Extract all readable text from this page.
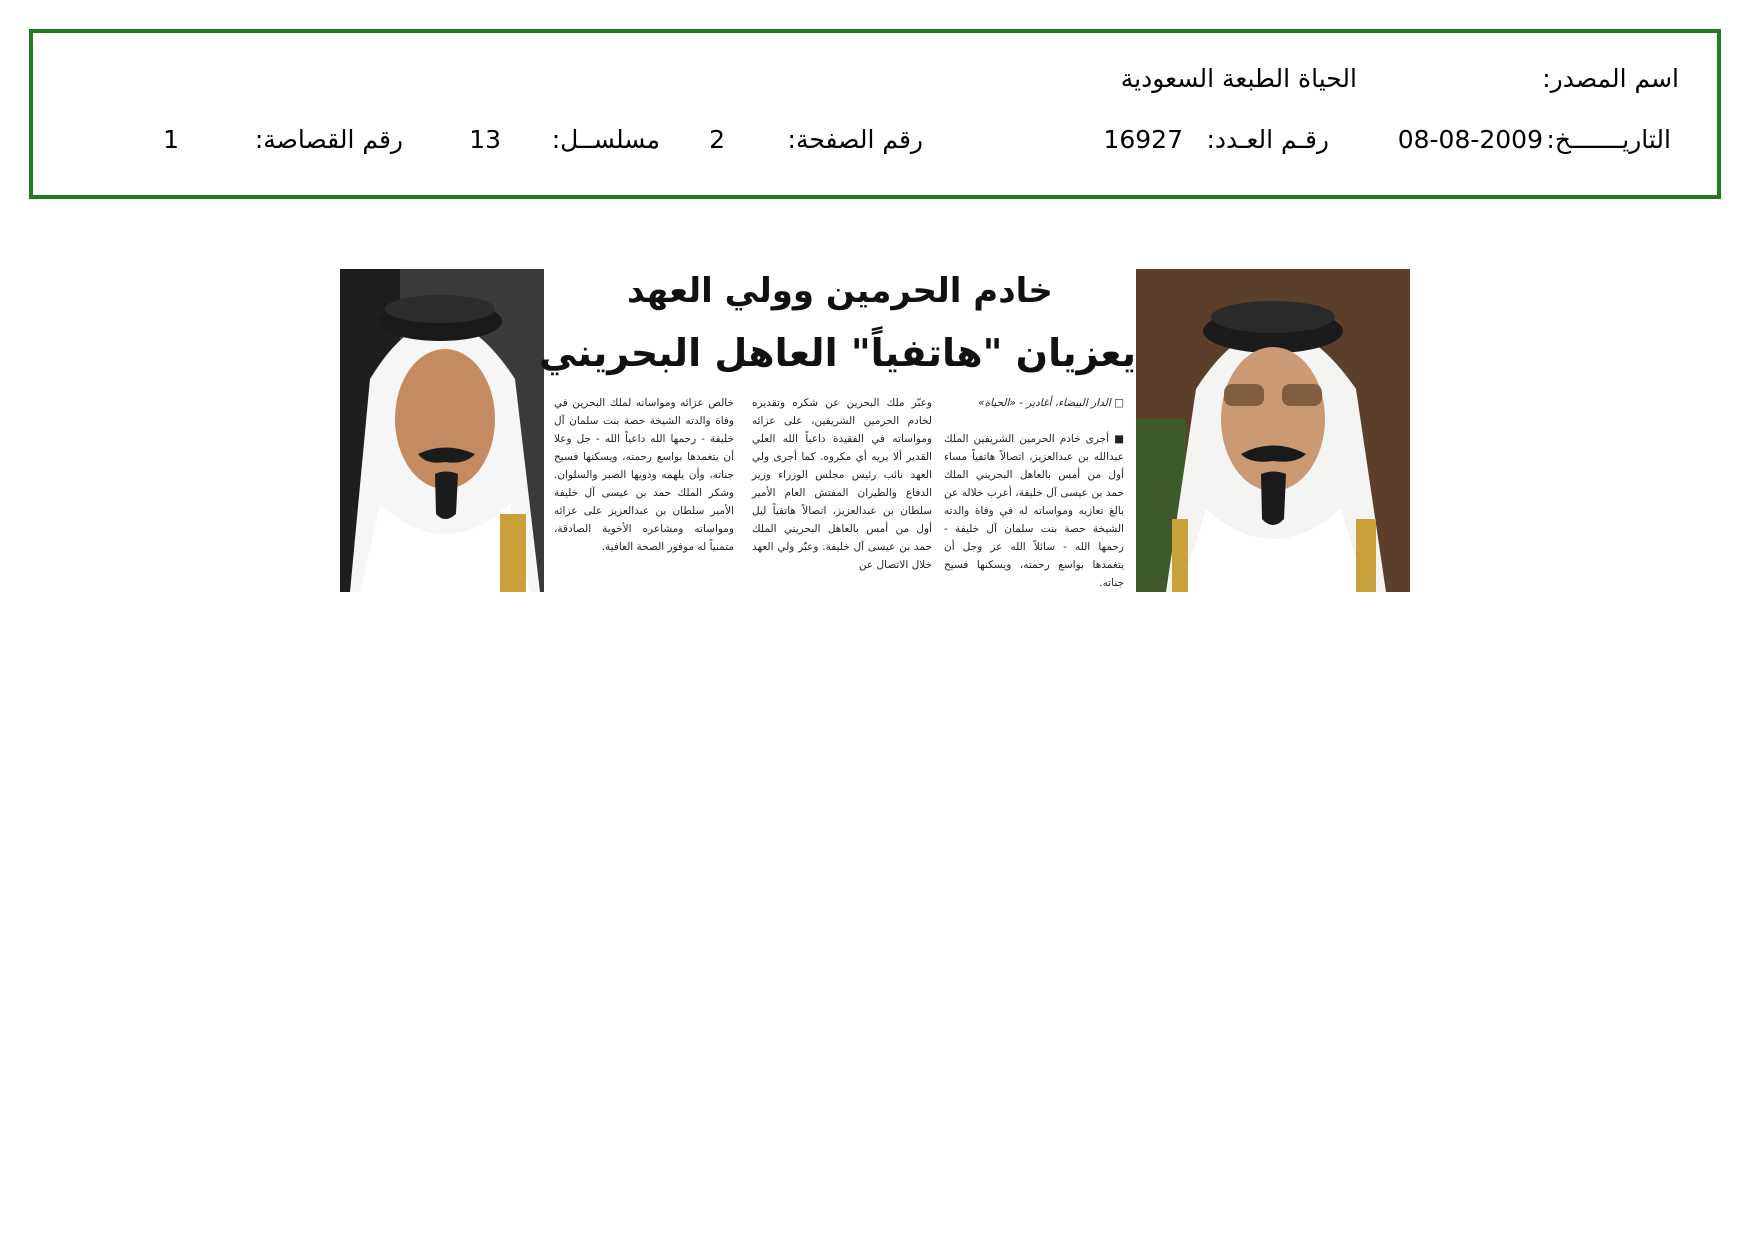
اسم المصدر:
الحياة الطبعة السعودية
التاريـــــــخ:
08-08-2009
رقـم العـدد:
16927
رقم الصفحة:
2
مسلســل:
13
رقم القصاصة:
1
خادم الحرمين وولي العهد
يعزيان "هاتفياً" العاهل البحريني

□ الدار البيضاء، أغادير - «الحياة»

■ أجرى خادم الحرمين الشريفين الملك عبدالله بن عبدالعزيز، اتصالاً هاتفياً مساء أول من أمس بالعاهل البحريني الملك حمد بن عيسى آل خليفة، أعرب خلاله عن بالغ تعازيه ومواساته له في وفاة والدته الشيخة حصة بنت سلمان آل خليفة - رحمها الله - سائلاً الله عز وجل أن يتغمدها بواسع رحمته، ويسكنها فسيح جناته.

وعبّر ملك البحرين عن شكره وتقديره لخادم الحرمين الشريفين، على عزائه ومواساته في الفقيدة داعياً الله العلي القدير ألا يريه أي مكروه. كما أجرى ولي العهد نائب رئيس مجلس الوزراء وزير الدفاع والطيران المفتش العام الأمير سلطان بن عبدالعزيز، اتصالاً هاتفياً ليل أول من أمس بالعاهل البحريني الملك حمد بن عيسى آل خليفة. وعبّر ولي العهد خلال الاتصال عن

خالص عزائه ومواساته لملك البحرين في وفاة والدته الشيخة حصة بنت سلمان آل خليفة - رحمها الله داعياً الله - جل وعلا أن يتغمدها بواسع رحمته، ويسكنها فسيح جناته، وأن يلهمه وذويها الصبر والسلوان. وشكر الملك حمد بن عيسى آل خليفة الأمير سلطان بن عبدالعزيز على عزائه ومواساته ومشاعره الأخوية الصادقة، متمنياً له موفور الصحة العافية.
